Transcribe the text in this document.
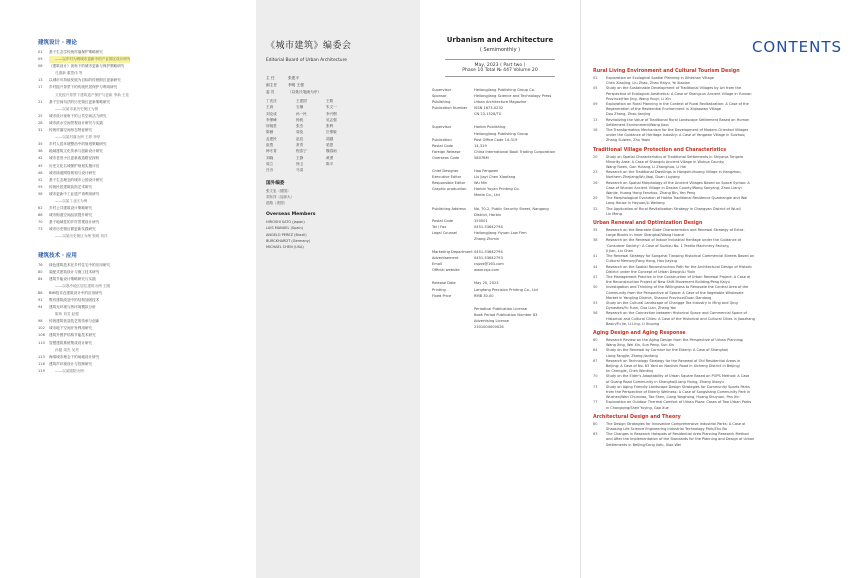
建筑设计 · 理论
01	基于生态学传统村落保护策略研究
05	——以乡村为例城市更新中的产业园区设计研究
08	《建筑设计》视角下的城市更新与保护策略研究
孔德新 董思伟 等
13	以城市可持续发展为目标的传统街区更新研究
17	乡村振兴背景下的传统民居保护与利用研究
文化振兴背景下建筑遗产保护与更新 李新 王佳
21	基于空间句法的历史街区更新策略研究
——以某市某历史街区为例
25	城市设计视角下的公共空间活力研究
28	城市滨水空间景观设计研究与实践
31	传统村落空间形态特征研究
——以某村落为例 王婷 李华
35	乡村人居环境整治中的规划策略研究
38	地域建筑文化传承与创新设计研究
42	城市老旧小区更新改造路径探析
45	历史文化名城保护规划实施评估
48	城市绿道网络规划与设计研究
52	基于生态理念的城市公园设计研究
55	传统民居建筑装饰艺术研究
58	城市更新中工业遗产再利用研究
——以某工业区为例
62	乡村公共建筑设计策略研究
66	城市街道空间品质提升研究
70	基于地域性的乡村景观设计研究
73	城市历史街区微更新实践研究
——以某历史街区为例 张明 刘洋
建筑技术 · 应用
76	绿色建筑技术在乡村住宅中的应用研究
80	装配式建筑设计与施工技术研究
84	建筑节能设计策略研究与实践
——以寒冷地区居住建筑为例 王刚
88	BIM技术在建筑设计中的应用研究
91	既有建筑改造中的结构加固技术
94	建筑光环境与热环境模拟分析
陈伟 刘芳 赵强
98	传统建筑营造技艺的传承与创新
102	城市地下空间开发利用研究
106	建筑外围护结构节能技术研究
110	智慧建筑系统集成设计研究
孙磊 周杰 吴昊
113	海绵城市理念下的场地设计研究
116	建筑声环境设计与控制研究
119	——以某剧院为例
《城市建筑》编委会
Editorial Board of Urban Architecture
主 任	张建平
副主任	李明 王强
委 员	（以姓氏笔画为序）
丁沃沃	王建国	王路
王澍	石楠	朱文一
刘克成	孙一民	李兴钢
李保峰	杨锐	吴志强
何镜堂	张杰	张利
陈薇	周俭	庄惟敏
孟建民	赵辰	胡越
崔愷	常青	梁思
韩冬青	程泰宁	魏春雨
刘晓	王静	黄勇
周立	徐卫	陈平
吕舟	马清
国外编委
张文忠（德国）
刘东洋（加拿大）
范路（美国）
Overseas Members
HIROSHI SATO (Japan)
LUIS MANUEL (Spain)
ANGELO PEREZ (Brazil)
BURCKHARDT (Germany)
MICHAEL CHEN (USA)
Urbanism and Architecture
( Semimonthly )
May, 2023 ( Part two )
Phase 10 Total № 447 Volume 20
Supervisor	Heilongjiang Publishing Group Co.
Sponsor	Heilongjiang Science and Technology Press
Publishing	Urban Architecture Magazine
Publication Number	ISSN 1673-0232
CN 23-1528/TU
Supervisor	Harbin Publishing
Heilongjiang Publishing Group
Publication	Post Office Code 14-319
Postal Code	14-319
Foreign Release	China International Book Trading Corporation
Overseas Code	5807BM
Chief Designer	Hao Fengwen
Executive Editor	Liu Jiayi Chen Xiaofang
Responsible Editor	Wu Min
Graphic production	Harbin Yuyan Printing Co.
Media Co., Ltd
Publishing Address	No. 70-2, Public Security Street, Nangang
District, Harbin
Postal Code	150001
Tel / Fax	0451-53642794
Legal Counsel	Heilongjiang Yiyuan Law Firm
Zhang Zhimin
Marketing Department 0451-53642794
Advertisement	0451-53642793
Email	csjzzz@163.com
Official website	www.csjz.com
Release Date	May 20, 2023
Printing	Langfang Precision Printing Co., Ltd
Fixed Price	RMB 30.00
Periodical Publication License
Book Period Publication Number 83
Advertising License
2301004000026
CONTENTS
Rural Living Environment and Cultural Tourism Design
01	Exploration on Ecological Spatial Planning in Xiheshan Village
Chen Xiaojing, Liu Zhao, Zhao Haiyu, Ye Xiaolan
05	Study on the Sustainable Development of Traditional Villages by Art from the
Perspective of Ecological Aesthetics: A Case of Shangcun Ancient Village in Yunnan
Province/Han Jing, Wang Youyi, Li Xin
09	Exploration on Rural Planning in the Context of Rural Revitalization: A Case of the
Regeneration of the Residential Environment in Xiqiaowan Village
Dou Zhang, Zhao Jianjing
13	Revitalizing the Value of Traditional Rural Landscape Settlement Based on Human
Settlement Environment/Wang Jiaxu
16	The Transformation Mechanism for the Development of Modern-Oriented Villages
under the Guidance of Heritage Industry: A Case of Yangwan Village in Suizhou/
Zhang Suiwen, Zhu Yaqin
Traditional Village Protection and Characteristics
20	Study on Spatial Characteristics of Traditional Settlements in Shiyanja Tongxia
Minority Area: A Case of Shangdu Ancient Village in Wuhua County/
Wang Yiwen, Gan Yuliang, Li Zhonghua, Li Hai
23	Research on the Traditional Dwellings in Hongshuihuang Village in Hangzhou,
Northern Zhejiang/Wu Jiaqi, Duan Liuyang
26	Research on Spatial Morphology of the Ancient Villages Based on Space Syntax: A
Case of Wuxian Ancient Village in Daxian County/Wang Sanyang, Zhou Lianyi
Wanjie, Huang Hong Fenzhuo, Zhang Bin, Yan Peng
29	The Morphological Evolution of Hakka Traditional Residence Quadrangle and Wai
Long House in Heyuan/Li Weilong
32	The Application of Rural Revitalization Strategy in Changyan District of Wuxi/
Lin Meng
Urban Renewal and Optimization Design
35	Research on the Bearable State Characteristics and Renewal Strategy of Extra-
Large Blocks in Inner Shanghai/Wang Huanzi
38	Research on the Renewal of Indoor Industrial Heritage under the Guidance of
'Consumer Society': A Case of Suzhou No. 1 Textile Machinery Factory/
Ji Jian, Liu Chen
41	The Renewal Strategy for Songzhai Tianping Historical Commercial Streets Based on
Cultural Memory/Fang Hong, Hou Jiaying
44	Research on the Spatial Reconstruction Path for the Architectural Design of Historic
District under the Concept of Urban Design/Li Yixin
47	The Management Practice in the Construction of Urban Renewal Project: A Case of
the Reconstruction Project of New Shift Movement Building/Peng Kaiyu
50	Investigation and Thinking of the Willingness to Renovate the Central Area of the
Community from the Perspective of Space: A Case of the Vegetable Wholesale
Market in Yangling District, Shaanxi Province/Duan Dandong
53	Study on the Cultural Landscape of Changge Tea Industry in Ming and Qing
Dynasties/Fu Fuan, Guo Lian, Zhang Yan
56	Research on the Connection between Historical Space and Commercial Space of
Historical and Cultural Cities: A Case of the Historical and Cultural Cities in Jiaozhang
Basin/Fu Jie, Li Ling, Li Xiuping
Aging Design and Aging Response
60	Research Review on the Aging Design from the Perspective of Urban Planning/
Wang Xing, Wei Xin, Sun Peng, Sun Xin
64	Study on the Renewal by Corridor for the Elderly: A Case of Shanghai/
Liang Fangjie, Zhang Jianfang
67	Research on Technology Strategy for the Renewal of Old Residential Areas in
Beijing: A Case of No. 83 Yard on Nanlishi Road in Xicheng District in Beijing/
Jin Chengjie, Chen Wenting
70	Study on the Elder's Adaptability of Urban Square Based on POPS Method: A Case
of Guang Road Community in Shanghai/Liang Yixing, Zhang Xiaoyu
73	Study on Aging Friendly Landscape Design Strategies for Community Sports Parks
from the Perspective of Elderly Wellness: A Case of Songshang Community Park in
Wuzhen/Wan Chunxiao, Tao Shen, Liang Yonghong, Huang Shuyuan, Pan Xin
77	Exploration on Outdoor Thermal Comfort of Urban Plaza: Cases of Two Urban Parks
in Chongqing/Shen Yuying, Gao Xue
Architectural Design and Theory
80	The Design Strategies for Innovative Comprehensive Industrial Parks: A Case of
Shaoxing Life Science Engineering Industrial Technology Park/Zhu Bo
83	The Changes in Research Hotspots of Residential Area Planning Research Method
and After the Implementation of the Standards for the Planning and Design of Urban
Settlements in Beijing/Cong Jiafu, Xiao Wei
